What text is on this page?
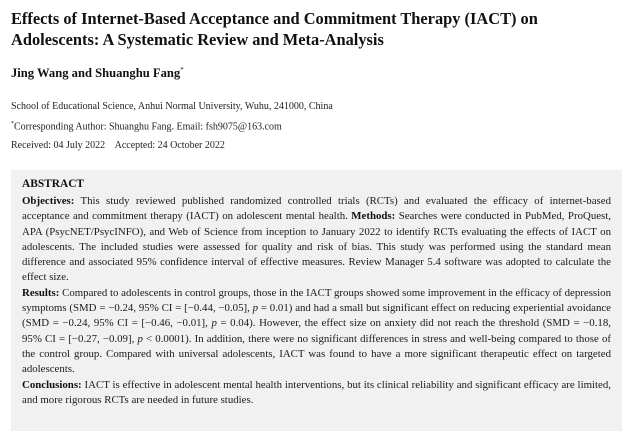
Effects of Internet-Based Acceptance and Commitment Therapy (IACT) on Adolescents: A Systematic Review and Meta-Analysis
Jing Wang and Shuanghu Fang*
School of Educational Science, Anhui Normal University, Wuhu, 241000, China
*Corresponding Author: Shuanghu Fang. Email: fsh9075@163.com
Received: 04 July 2022    Accepted: 24 October 2022
ABSTRACT
Objectives: This study reviewed published randomized controlled trials (RCTs) and evaluated the efficacy of internet-based acceptance and commitment therapy (IACT) on adolescent mental health. Methods: Searches were conducted in PubMed, ProQuest, APA (PsycNET/PsycINFO), and Web of Science from inception to January 2022 to identify RCTs evaluating the effects of IACT on adolescents. The included studies were assessed for quality and risk of bias. This study was performed using the standard mean difference and associated 95% confidence interval of effective measures. Review Manager 5.4 software was adopted to calculate the effect size.
Results: Compared to adolescents in control groups, those in the IACT groups showed some improvement in the efficacy of depression symptoms (SMD = −0.24, 95% CI = [−0.44, −0.05], p = 0.01) and had a small but significant effect on reducing experiential avoidance (SMD = −0.24, 95% CI = [−0.46, −0.01], p = 0.04). However, the effect size on anxiety did not reach the threshold (SMD = −0.18, 95% CI = [−0.27, −0.09], p < 0.0001). In addition, there were no significant differences in stress and well-being compared to those of the control group. Compared with universal adolescents, IACT was found to have a more significant therapeutic effect on targeted adolescents.
Conclusions: IACT is effective in adolescent mental health interventions, but its clinical reliability and significant efficacy are limited, and more rigorous RCTs are needed in future studies.
